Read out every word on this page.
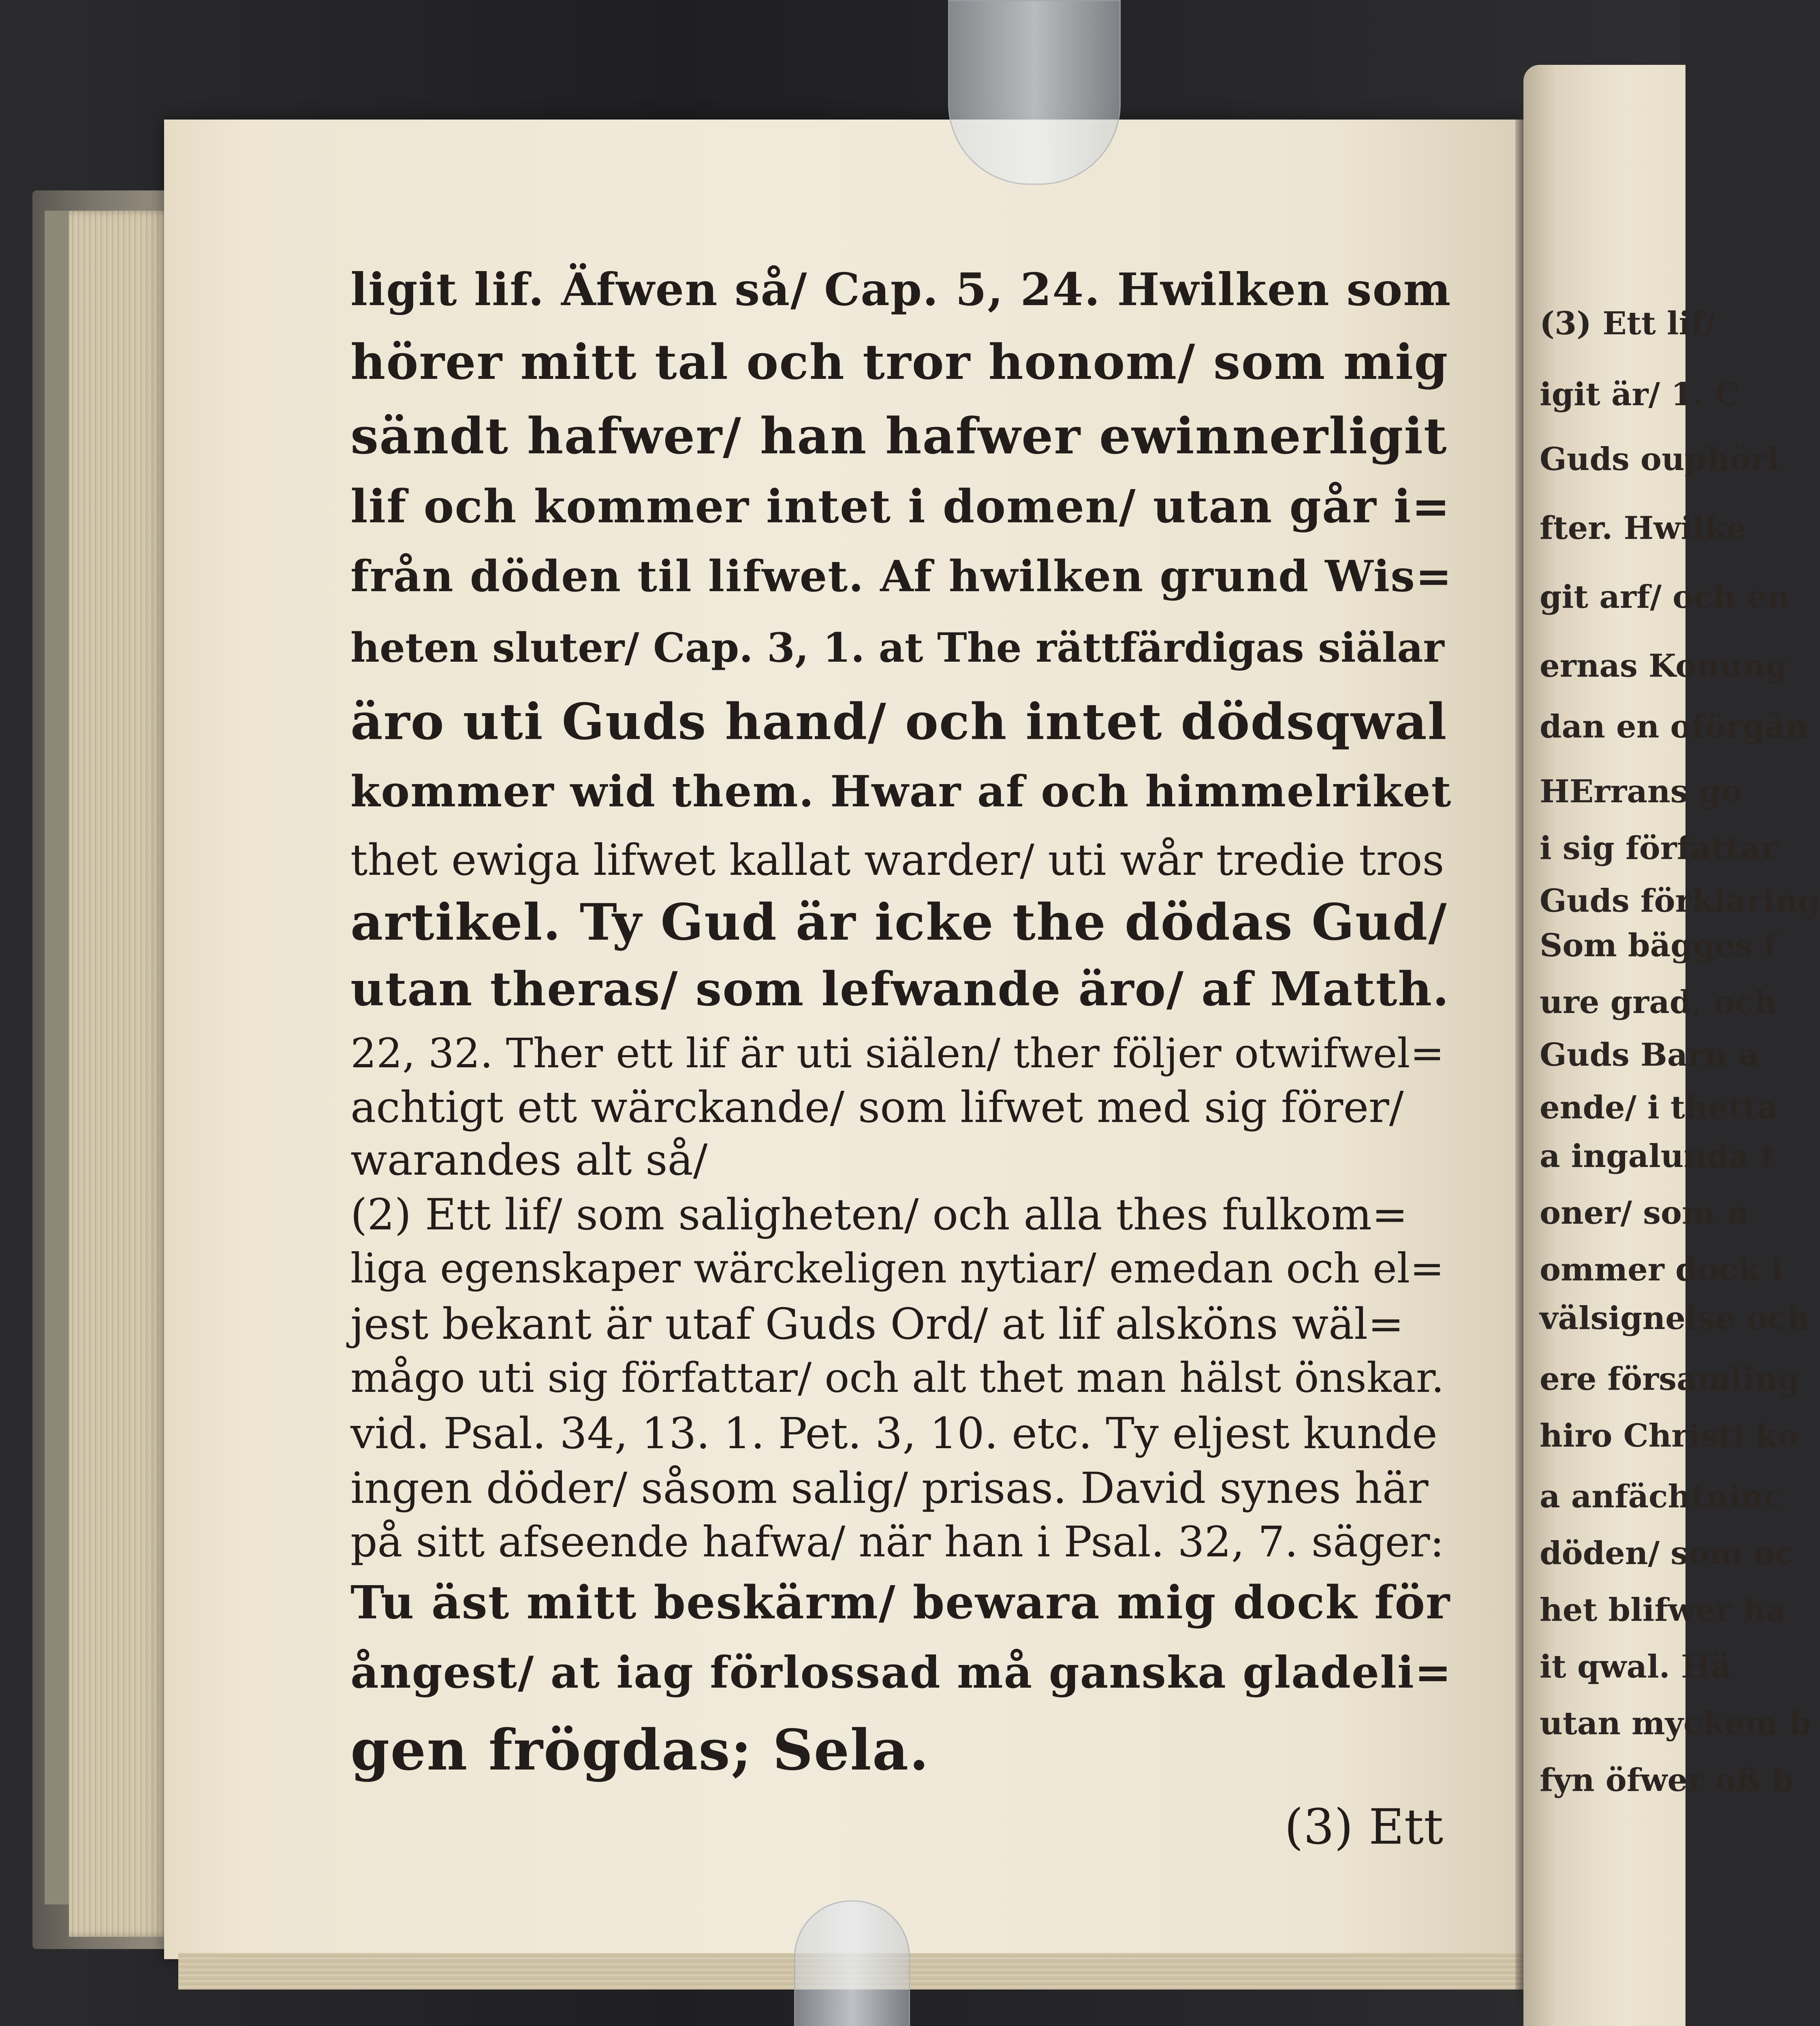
(3) Ett lif/
igit är/ 1. C
Guds ouphörl
fter. Hwilke
git arf/ och en
ernas Konung
dan en oförgän
HErrans go
i sig författar
Guds förklaring
Som bägges f
ure grad, och
Guds Barn a
ende/ i thetta
a ingalunda t
oner/ som n
ommer dock i
välsignelse och
ere församling
hiro Christi ko
a anfächtninc
döden/ som oc
het blifwer ha
it qwal. Hä
utan myckem b
fyn öfwer oß b
ligit lif. Äfwen så/ Cap. 5, 24. Hwilken som
hörer mitt tal och tror honom/ som mig
sändt hafwer/ han hafwer ewinnerligit
lif och kommer intet i domen/ utan går i=
från döden til lifwet. Af hwilken grund Wis=
heten sluter/ Cap. 3, 1. at The rättfärdigas siälar
äro uti Guds hand/ och intet dödsqwal
kommer wid them. Hwar af och himmelriket
thet ewiga lifwet kallat warder/ uti wår tredie tros
artikel. Ty Gud är icke the dödas Gud/
utan theras/ som lefwande äro/ af Matth.
22, 32. Ther ett lif är uti siälen/ ther följer otwifwel=
achtigt ett wärckande/ som lifwet med sig förer/
warandes alt så/
(2) Ett lif/ som saligheten/ och alla thes fulkom=
liga egenskaper wärckeligen nytiar/ emedan och el=
jest bekant är utaf Guds Ord/ at lif alsköns wäl=
mågo uti sig författar/ och alt thet man hälst önskar.
vid. Psal. 34, 13. 1. Pet. 3, 10. etc. Ty eljest kunde
ingen döder/ såsom salig/ prisas. David synes här
på sitt afseende hafwa/ när han i Psal. 32, 7. säger:
Tu äst mitt beskärm/ bewara mig dock för
ångest/ at iag förlossad må ganska gladeli=
gen frögdas; Sela.
(3) Ett
